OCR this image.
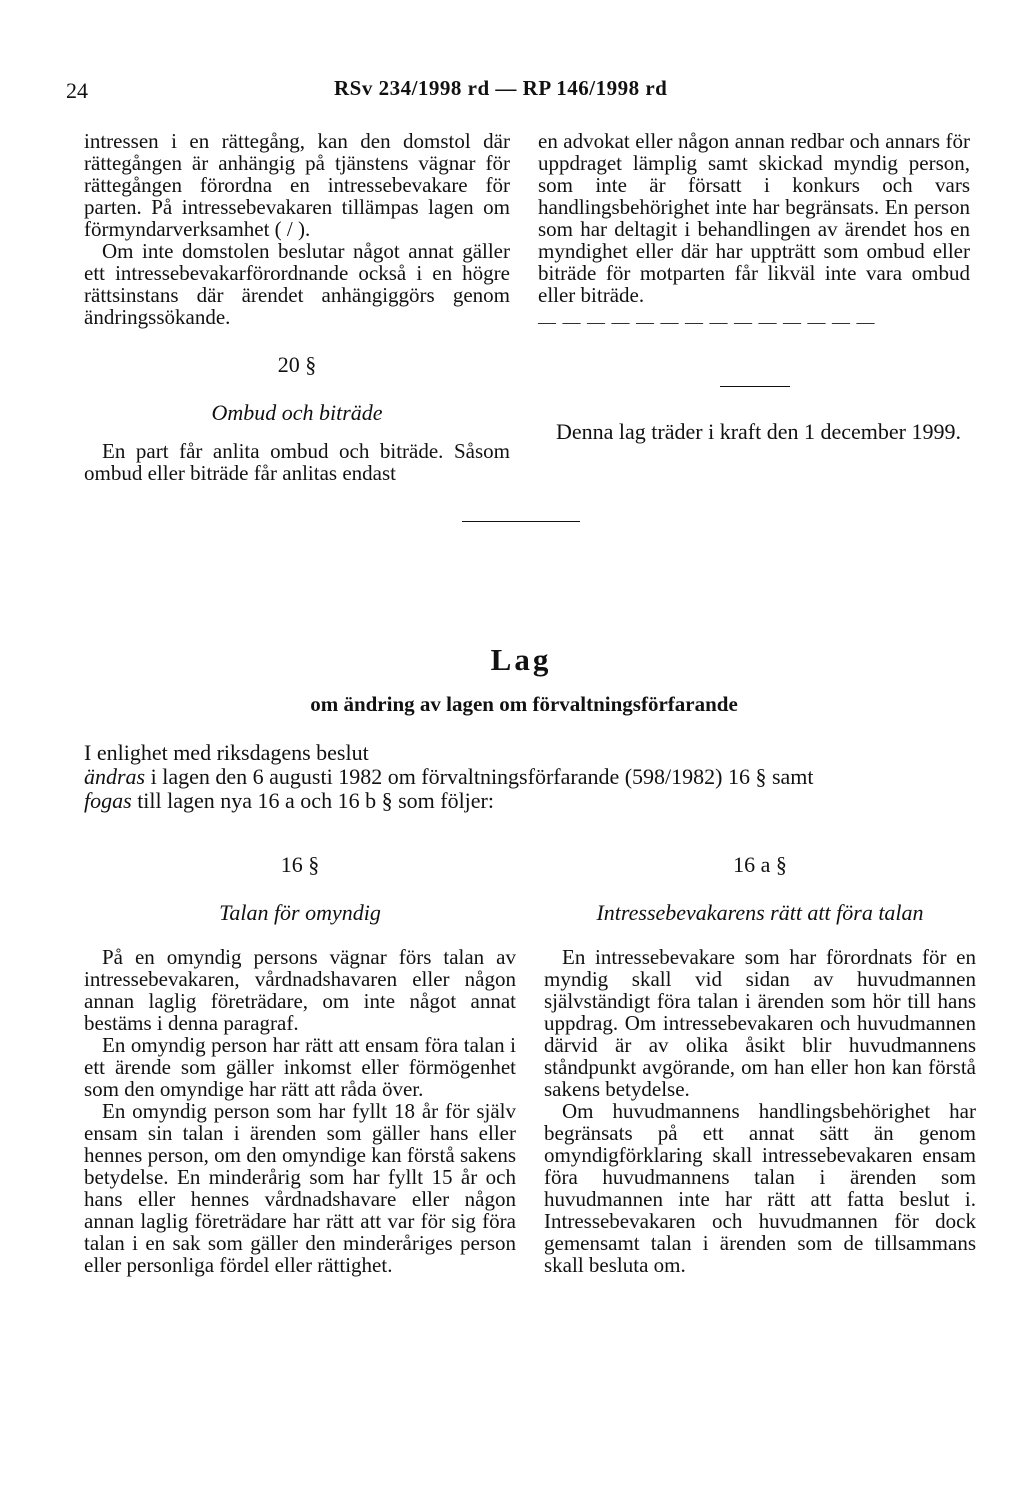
24	RSv 234/1998 rd — RP 146/1998 rd

intressen i en rättegång, kan den domstol där rättegången är anhängig på tjänstens vägnar för rättegången förordna en intressebevakare för parten. På intressebevakaren tillämpas lagen om förmyndarverksamhet ( / ).

Om inte domstolen beslutar något annat gäller ett intressebevakarförordnande också i en högre rättsinstans där ärendet anhängiggörs genom ändringssökande.

20 §
Ombud och biträde

En part får anlita ombud och biträde. Såsom ombud eller biträde får anlitas endast

en advokat eller någon annan redbar och annars för uppdraget lämplig samt skickad myndig person, som inte är försatt i konkurs och vars handlingsbehörighet inte har begränsats. En person som har deltagit i behandlingen av ärendet hos en myndighet eller där har uppträtt som ombud eller biträde för motparten får likväl inte vara ombud eller biträde.

— — — — — — — — — — — — — —

Denna lag träder i kraft den 1 december 1999.

Lag
om ändring av lagen om förvaltningsförfarande
I enlighet med riksdagens beslut
ändras i lagen den 6 augusti 1982 om förvaltningsförfarande (598/1982) 16 § samt
fogas till lagen nya 16 a och 16 b § som följer:
16 §
Talan för omyndig

På en omyndig persons vägnar förs talan av intressebevakaren, vårdnadshavaren eller någon annan laglig företrädare, om inte något annat bestäms i denna paragraf.

En omyndig person har rätt att ensam föra talan i ett ärende som gäller inkomst eller förmögenhet som den omyndige har rätt att råda över.

En omyndig person som har fyllt 18 år för själv ensam sin talan i ärenden som gäller hans eller hennes person, om den omyndige kan förstå sakens betydelse. En minderårig som har fyllt 15 år och hans eller hennes vårdnadshavare eller någon annan laglig företrädare har rätt att var för sig föra talan i en sak som gäller den minderåriges person eller personliga fördel eller rättighet.

16 a §
Intressebevakarens rätt att föra talan

En intressebevakare som har förordnats för en myndig skall vid sidan av huvudmannen självständigt föra talan i ärenden som hör till hans uppdrag. Om intressebevakaren och huvudmannen därvid är av olika åsikt blir huvudmannens ståndpunkt avgörande, om han eller hon kan förstå sakens betydelse.

Om huvudmannens handlingsbehörighet har begränsats på ett annat sätt än genom omyndigförklaring skall intressebevakaren ensam föra huvudmannens talan i ärenden som huvudmannen inte har rätt att fatta beslut i. Intressebevakaren och huvudmannen för dock gemensamt talan i ärenden som de tillsammans skall besluta om.
